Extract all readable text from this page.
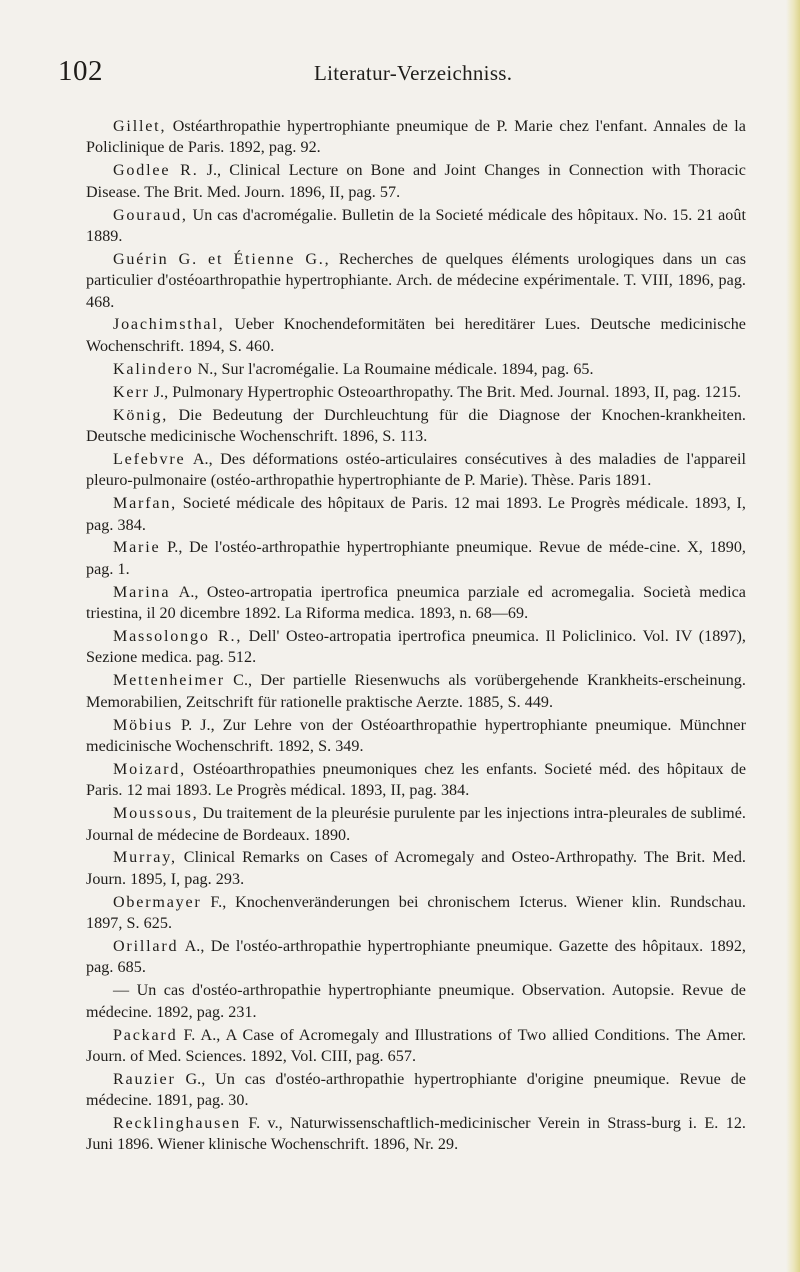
102	Literatur-Verzeichniss.

Gillet, Ostéarthropathie hypertrophiante pneumique de P. Marie chez l'enfant. Annales de la Policlinique de Paris. 1892, pag. 92.

Godlee R. J., Clinical Lecture on Bone and Joint Changes in Connection with Thoracic Disease. The Brit. Med. Journ. 1896, II, pag. 57.

Gouraud, Un cas d'acromégalie. Bulletin de la Societé médicale des hôpitaux. No. 15. 21 août 1889.

Guérin G. et Étienne G., Recherches de quelques éléments urologiques dans un cas particulier d'ostéoarthropathie hypertrophiante. Arch. de médecine expérimentale. T. VIII, 1896, pag. 468.

Joachimsthal, Ueber Knochendeformitäten bei hereditärer Lues. Deutsche medicinische Wochenschrift. 1894, S. 460.

Kalindero N., Sur l'acromégalie. La Roumaine médicale. 1894, pag. 65.

Kerr J., Pulmonary Hypertrophic Osteoarthropathy. The Brit. Med. Journal. 1893, II, pag. 1215.

König, Die Bedeutung der Durchleuchtung für die Diagnose der Knochen-krankheiten. Deutsche medicinische Wochenschrift. 1896, S. 113.

Lefebvre A., Des déformations ostéo-articulaires consécutives à des maladies de l'appareil pleuro-pulmonaire (ostéo-arthropathie hypertrophiante de P. Marie). Thèse. Paris 1891.

Marfan, Societé médicale des hôpitaux de Paris. 12 mai 1893. Le Progrès médicale. 1893, I, pag. 384.

Marie P., De l'ostéo-arthropathie hypertrophiante pneumique. Revue de méde-cine. X, 1890, pag. 1.

Marina A., Osteo-artropatia ipertrofica pneumica parziale ed acromegalia. Società medica triestina, il 20 dicembre 1892. La Riforma medica. 1893, n. 68—69.

Massolongo R., Dell' Osteo-artropatia ipertrofica pneumica. Il Policlinico. Vol. IV (1897), Sezione medica. pag. 512.

Mettenheimer C., Der partielle Riesenwuchs als vorübergehende Krankheits-erscheinung. Memorabilien, Zeitschrift für rationelle praktische Aerzte. 1885, S. 449.

Möbius P. J., Zur Lehre von der Ostéoarthropathie hypertrophiante pneumique. Münchner medicinische Wochenschrift. 1892, S. 349.

Moizard, Ostéoarthropathies pneumoniques chez les enfants. Societé méd. des hôpitaux de Paris. 12 mai 1893. Le Progrès médical. 1893, II, pag. 384.

Moussous, Du traitement de la pleurésie purulente par les injections intra-pleurales de sublimé. Journal de médecine de Bordeaux. 1890.

Murray, Clinical Remarks on Cases of Acromegaly and Osteo-Arthropathy. The Brit. Med. Journ. 1895, I, pag. 293.

Obermayer F., Knochenveränderungen bei chronischem Icterus. Wiener klin. Rundschau. 1897, S. 625.

Orillard A., De l'ostéo-arthropathie hypertrophiante pneumique. Gazette des hôpitaux. 1892, pag. 685.

— Un cas d'ostéo-arthropathie hypertrophiante pneumique. Observation. Autopsie. Revue de médecine. 1892, pag. 231.

Packard F. A., A Case of Acromegaly and Illustrations of Two allied Conditions. The Amer. Journ. of Med. Sciences. 1892, Vol. CIII, pag. 657.

Rauzier G., Un cas d'ostéo-arthropathie hypertrophiante d'origine pneumique. Revue de médecine. 1891, pag. 30.

Recklinghausen F. v., Naturwissenschaftlich-medicinischer Verein in Strass-burg i. E. 12. Juni 1896. Wiener klinische Wochenschrift. 1896, Nr. 29.
